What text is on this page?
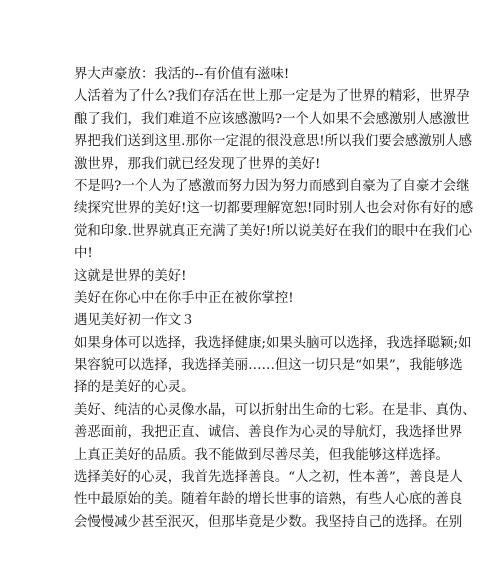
界大声豪放：我活的--有价值有滋味!
人活着为了什么?我们存活在世上那一定是为了世界的精彩，世界孕
酿了我们，我们难道不应该感激吗?一个人如果不会感激别人感激世
界把我们送到这里.那你一定混的很没意思!所以我们要会感激别人感
激世界，那我们就已经发现了世界的美好!
不是吗?一个人为了感激而努力因为努力而感到自豪为了自豪才会继
续探究世界的美好!这一切都要理解宽恕!同时别人也会对你有好的感
觉和印象.世界就真正充满了美好!所以说美好在我们的眼中在我们心
中!
这就是世界的美好!
美好在你心中在你手中正在被你掌控!
遇见美好初一作文３
如果身体可以选择，我选择健康;如果头脑可以选择，我选择聪颖;如
果容貌可以选择，我选择美丽……但这一切只是“如果”，我能够选
择的是美好的心灵。
美好、纯洁的心灵像水晶，可以折射出生命的七彩。在是非、真伪、
善恶面前，我把正直、诚信、善良作为心灵的导航灯，我选择世界
上真正美好的品质。我不能做到尽善尽美，但我能够这样选择。
选择美好的心灵，我首先选择善良。“人之初，性本善”，善良是人
性中最原始的美。随着年龄的增长世事的谙熟，有些人心底的善良
会慢慢减少甚至泯灭，但那毕竟是少数。我坚持自己的选择。在别
